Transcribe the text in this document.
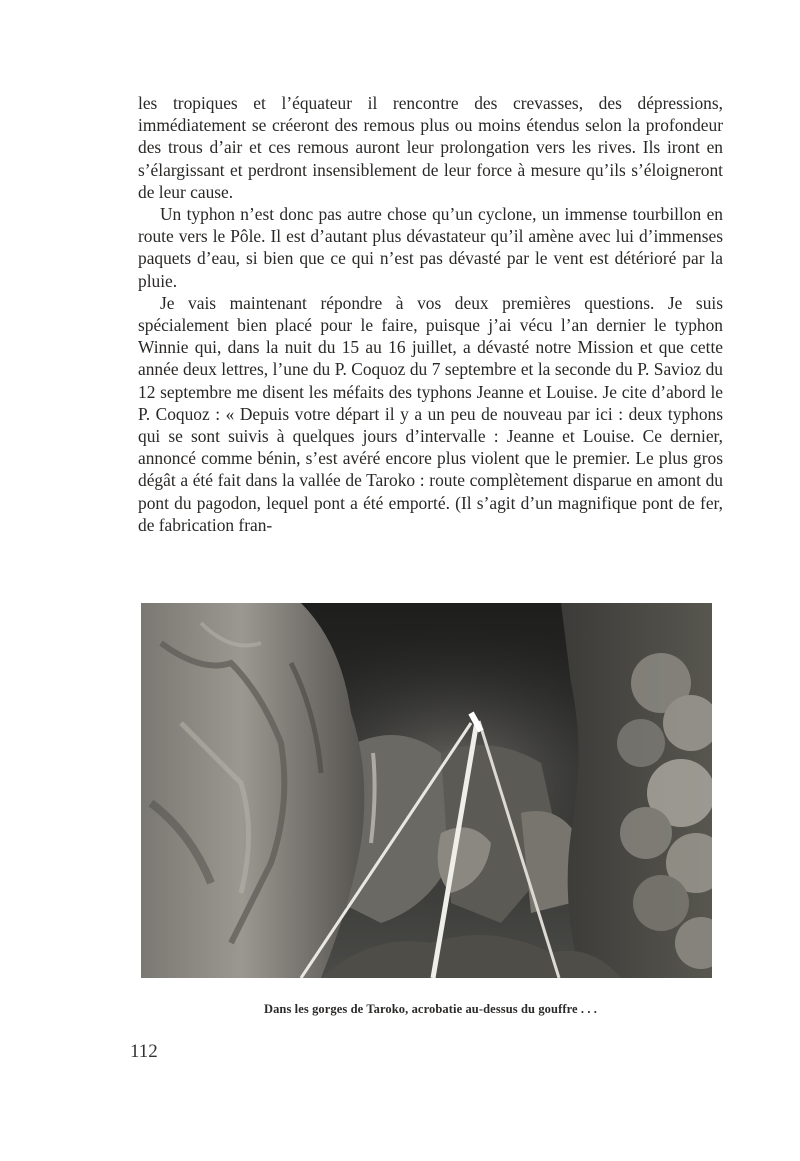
les tropiques et l’équateur il rencontre des crevasses, des dépressions, immédiatement se créeront des remous plus ou moins étendus selon la profondeur des trous d’air et ces remous auront leur prolongation vers les rives. Ils iront en s’élargissant et perdront insensiblement de leur force à mesure qu’ils s’éloigneront de leur cause.

Un typhon n’est donc pas autre chose qu’un cyclone, un immense tourbillon en route vers le Pôle. Il est d’autant plus dévastateur qu’il amène avec lui d’immenses paquets d’eau, si bien que ce qui n’est pas dévasté par le vent est détérioré par la pluie.

Je vais maintenant répondre à vos deux premières questions. Je suis spécialement bien placé pour le faire, puisque j’ai vécu l’an dernier le typhon Winnie qui, dans la nuit du 15 au 16 juillet, a dévasté notre Mission et que cette année deux lettres, l’une du P. Coquoz du 7 septembre et la seconde du P. Savioz du 12 septembre me disent les méfaits des typhons Jeanne et Louise. Je cite d’abord le P. Coquoz : « Depuis votre départ il y a un peu de nouveau par ici : deux typhons qui se sont suivis à quelques jours d’intervalle : Jeanne et Louise. Ce dernier, annoncé comme bénin, s’est avéré encore plus violent que le premier. Le plus gros dégât a été fait dans la vallée de Taroko : route complètement disparue en amont du pont du pagodon, lequel pont a été emporté. (Il s’agit d’un magnifique pont de fer, de fabrication fran-

Dans les gorges de Taroko, acrobatie au-dessus du gouffre . . .
112
